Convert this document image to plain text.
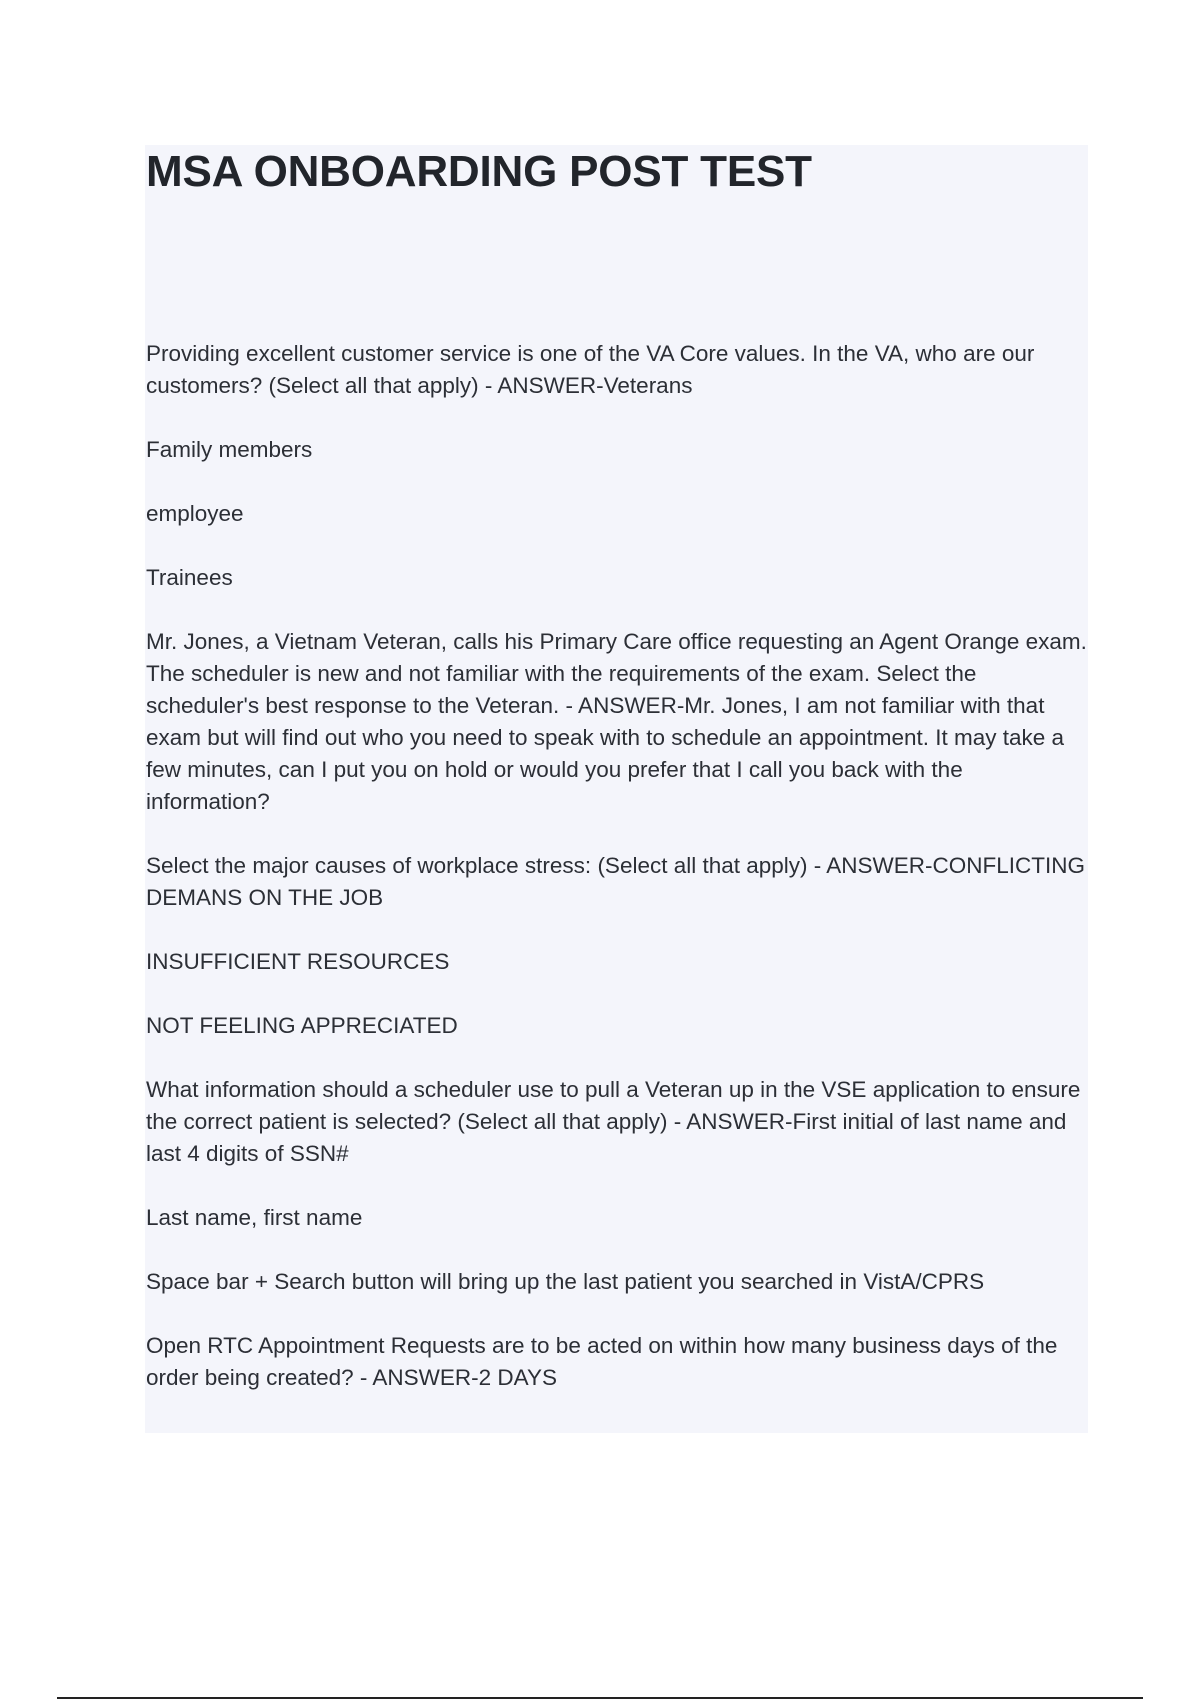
MSA ONBOARDING POST TEST

Providing excellent customer service is one of the VA Core values. In the VA, who are our customers? (Select all that apply) - ANSWER-Veterans

Family members

employee

Trainees

Mr. Jones, a Vietnam Veteran, calls his Primary Care office requesting an Agent Orange exam. The scheduler is new and not familiar with the requirements of the exam. Select the scheduler's best response to the Veteran. - ANSWER-Mr. Jones, I am not familiar with that exam but will find out who you need to speak with to schedule an appointment. It may take a few minutes, can I put you on hold or would you prefer that I call you back with the information?

Select the major causes of workplace stress: (Select all that apply) - ANSWER-CONFLICTING DEMANS ON THE JOB

INSUFFICIENT RESOURCES

NOT FEELING APPRECIATED

What information should a scheduler use to pull a Veteran up in the VSE application to ensure the correct patient is selected? (Select all that apply) - ANSWER-First initial of last name and last 4 digits of SSN#

Last name, first name

Space bar + Search button will bring up the last patient you searched in VistA/CPRS

Open RTC Appointment Requests are to be acted on within how many business days of the order being created? - ANSWER-2 DAYS
